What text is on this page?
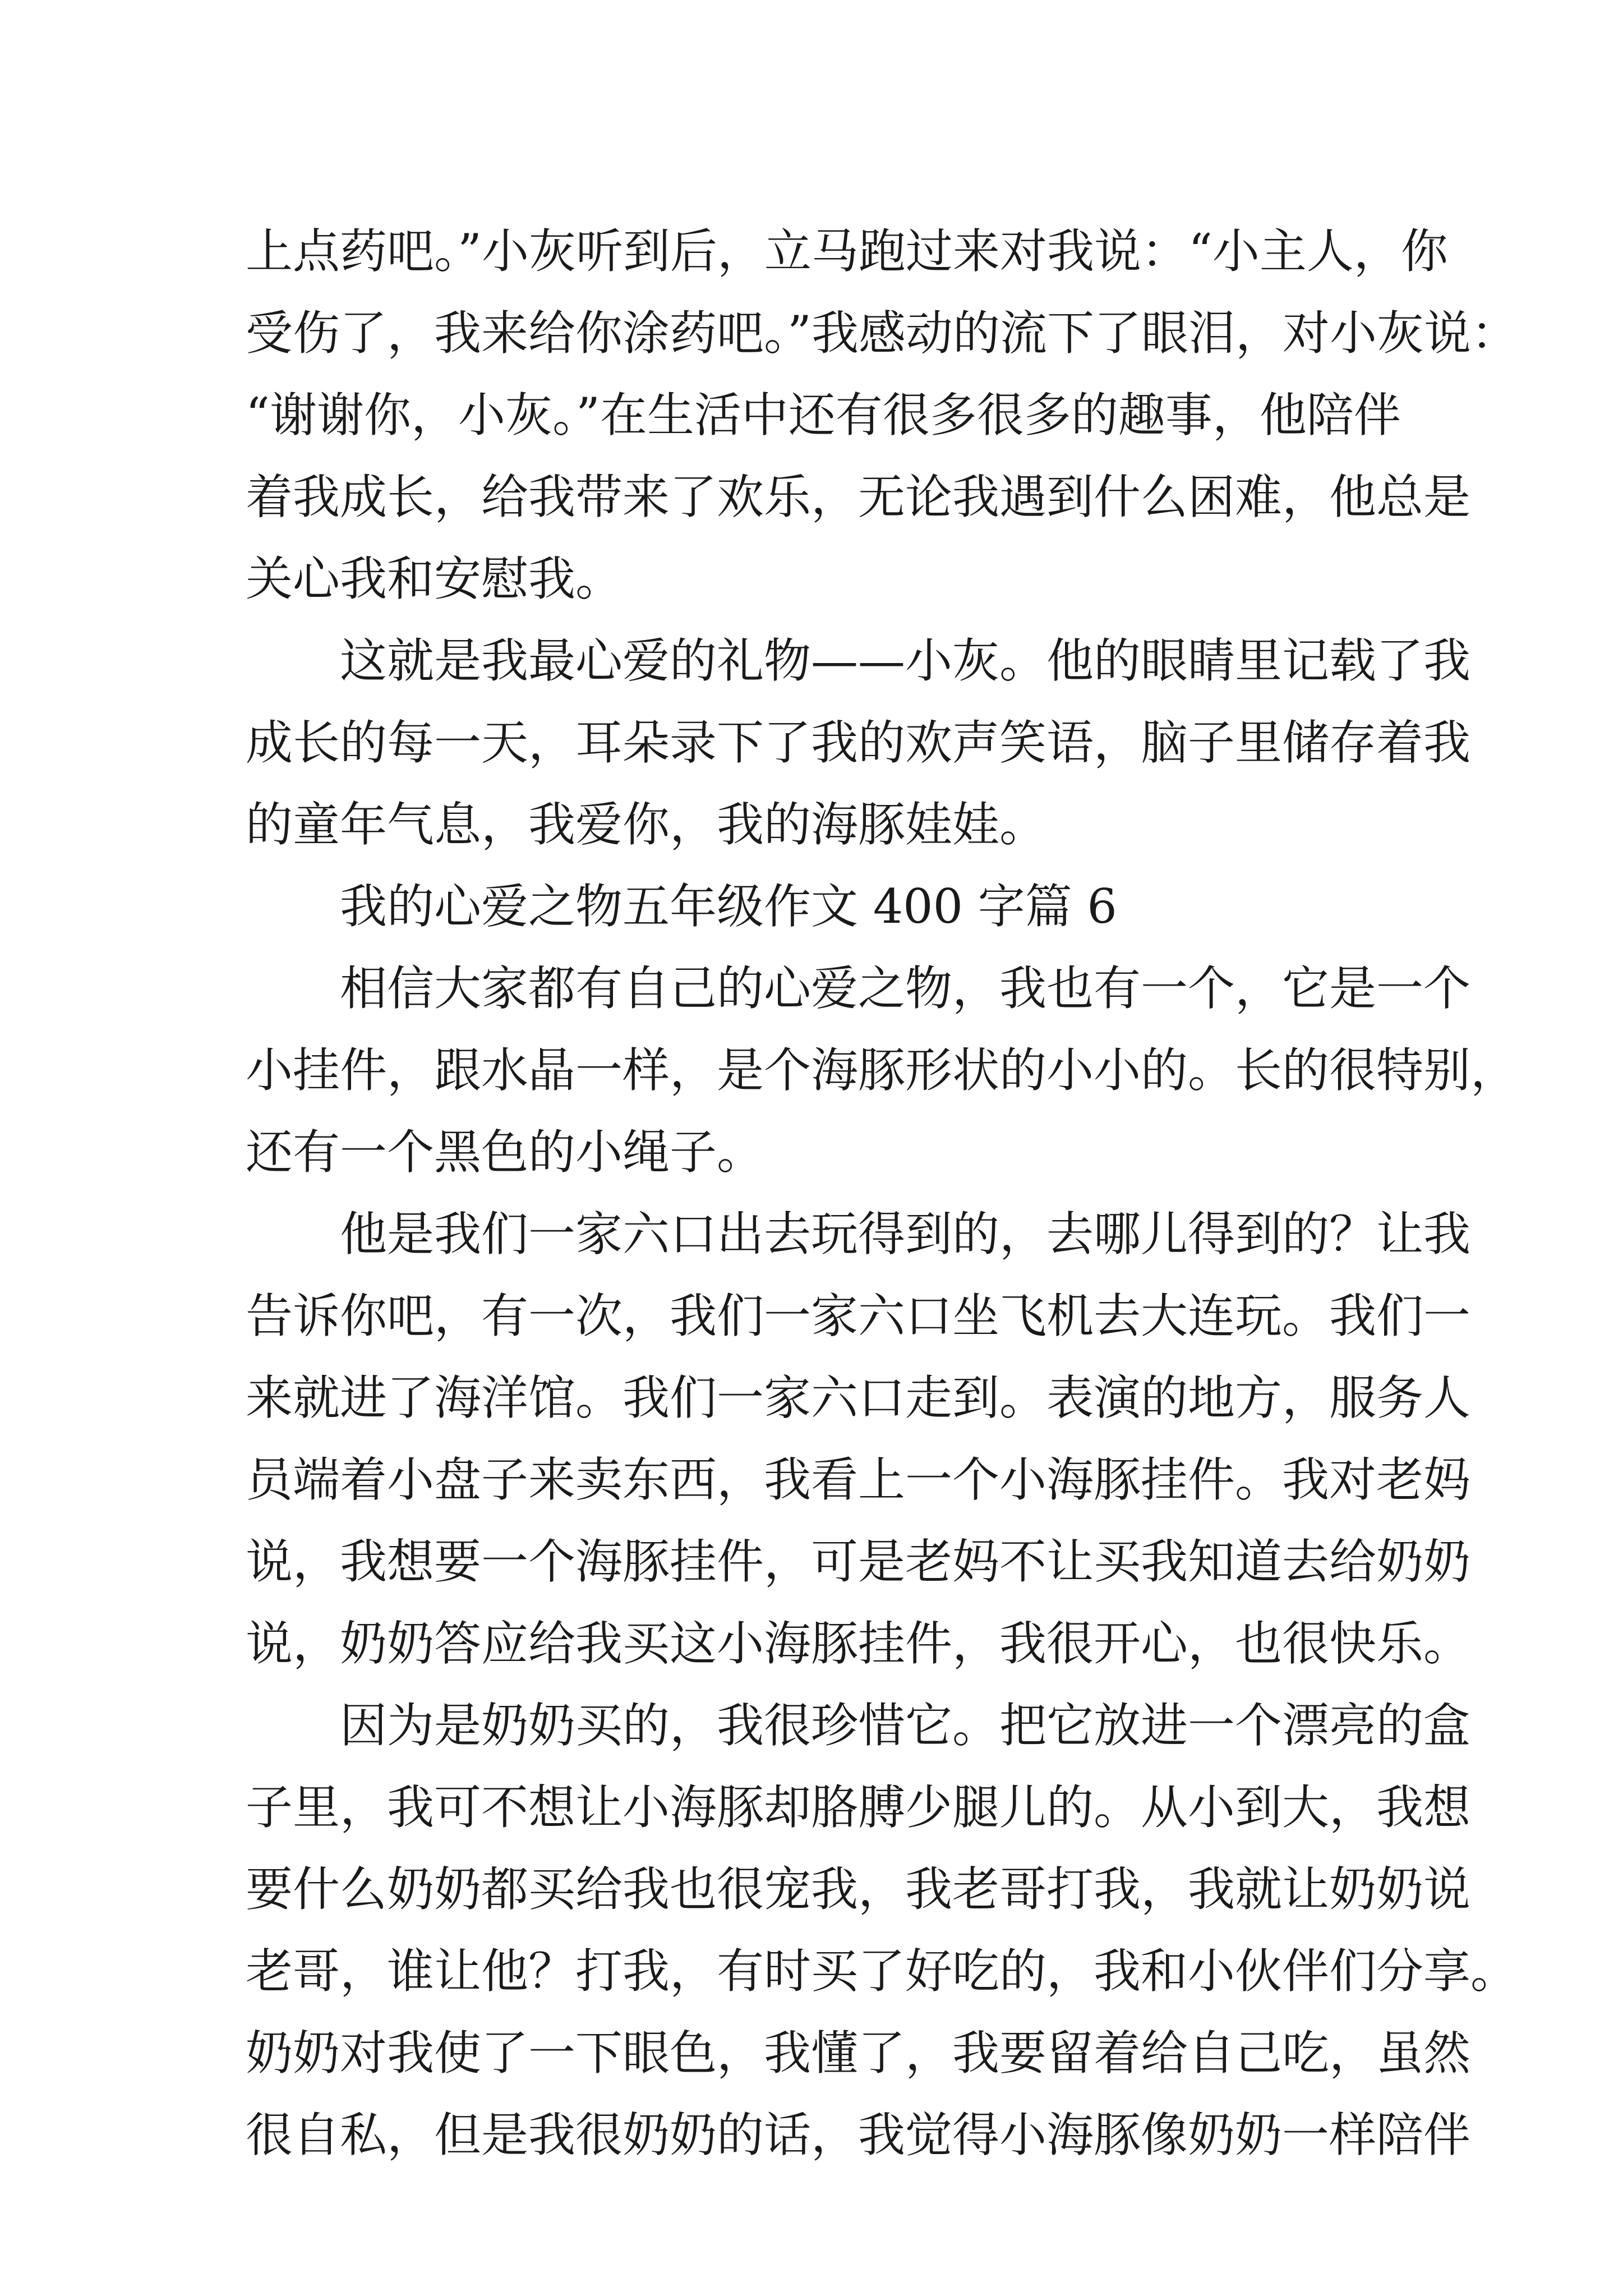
上点药吧。”小灰听到后，立马跑过来对我说：“小主人，你
受伤了，我来给你涂药吧。”我感动的流下了眼泪，对小灰说：
“谢谢你，小灰。”在生活中还有很多很多的趣事，他陪伴
着我成长，给我带来了欢乐，无论我遇到什么困难，他总是
关心我和安慰我。
这就是我最心爱的礼物——小灰。他的眼睛里记载了我
成长的每一天，耳朵录下了我的欢声笑语，脑子里储存着我
的童年气息，我爱你，我的海豚娃娃。
我的心爱之物五年级作文 400 字篇 6
相信大家都有自己的心爱之物，我也有一个，它是一个
小挂件，跟水晶一样，是个海豚形状的小小的。长的很特别，
还有一个黑色的小绳子。
他是我们一家六口出去玩得到的，去哪儿得到的？让我
告诉你吧，有一次，我们一家六口坐飞机去大连玩。我们一
来就进了海洋馆。我们一家六口走到。表演的地方，服务人
员端着小盘子来卖东西，我看上一个小海豚挂件。我对老妈
说，我想要一个海豚挂件，可是老妈不让买我知道去给奶奶
说，奶奶答应给我买这小海豚挂件，我很开心，也很快乐。
因为是奶奶买的，我很珍惜它。把它放进一个漂亮的盒
子里，我可不想让小海豚却胳膊少腿儿的。从小到大，我想
要什么奶奶都买给我也很宠我，我老哥打我，我就让奶奶说
老哥，谁让他？打我，有时买了好吃的，我和小伙伴们分享。
奶奶对我使了一下眼色，我懂了，我要留着给自己吃，虽然
很自私，但是我很奶奶的话，我觉得小海豚像奶奶一样陪伴
